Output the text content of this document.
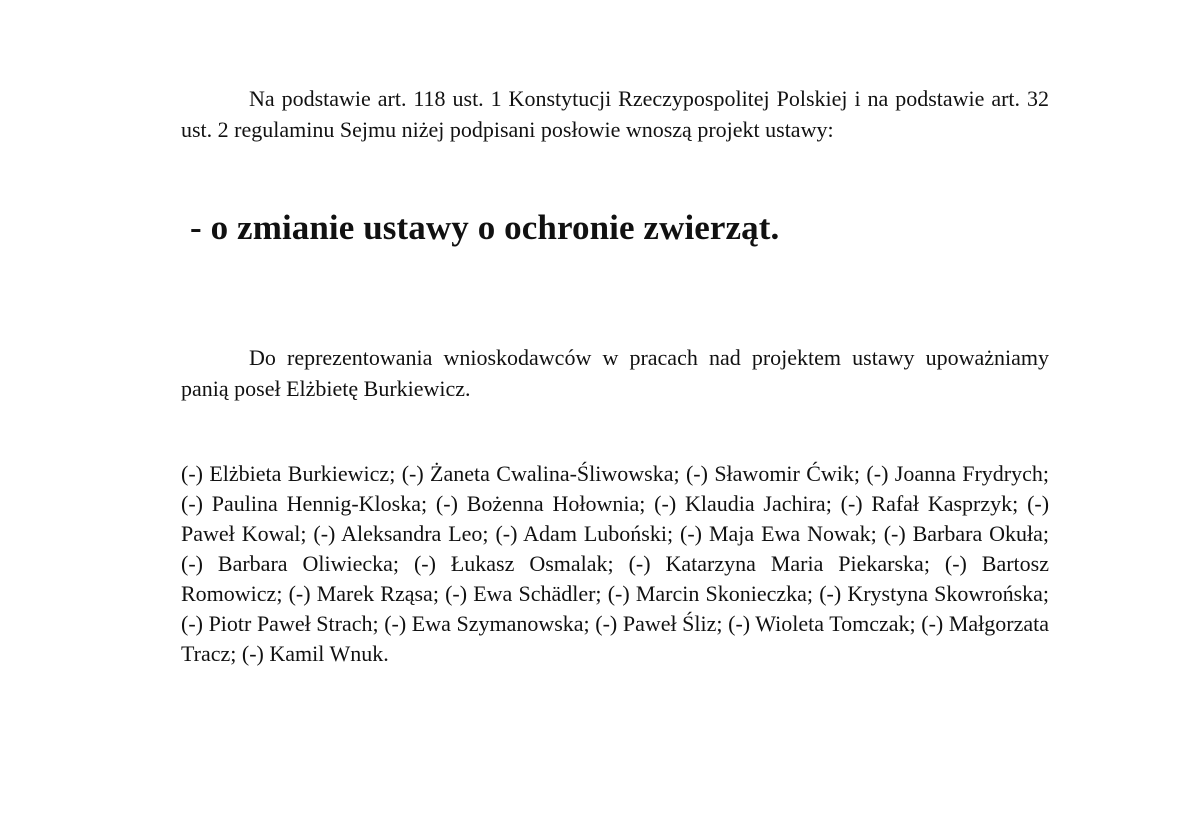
Na podstawie art. 118 ust. 1 Konstytucji Rzeczypospolitej Polskiej i na podstawie art. 32 ust. 2 regulaminu Sejmu niżej podpisani posłowie wnoszą projekt ustawy:

- o zmianie ustawy o ochronie zwierząt.

Do reprezentowania wnioskodawców w pracach nad projektem ustawy upoważniamy panią poseł Elżbietę Burkiewicz.

(-) Elżbieta Burkiewicz; (-) Żaneta Cwalina-Śliwowska; (-) Sławomir Ćwik; (-) Joanna Frydrych; (-) Paulina Hennig-Kloska; (-) Bożenna Hołownia; (-) Klaudia Jachira; (-) Rafał Kasprzyk; (-) Paweł Kowal; (-) Aleksandra Leo; (-) Adam Luboński; (-) Maja Ewa Nowak; (-) Barbara Okuła; (-) Barbara Oliwiecka; (-) Łukasz Osmalak; (-) Katarzyna Maria Piekarska; (-) Bartosz Romowicz; (-) Marek Rząsa; (-) Ewa Schädler; (-) Marcin Skonieczka; (-) Krystyna Skowrońska; (-) Piotr Paweł Strach; (-) Ewa Szymanowska; (-) Paweł Śliz; (-) Wioleta Tomczak; (-) Małgorzata Tracz; (-) Kamil Wnuk.
